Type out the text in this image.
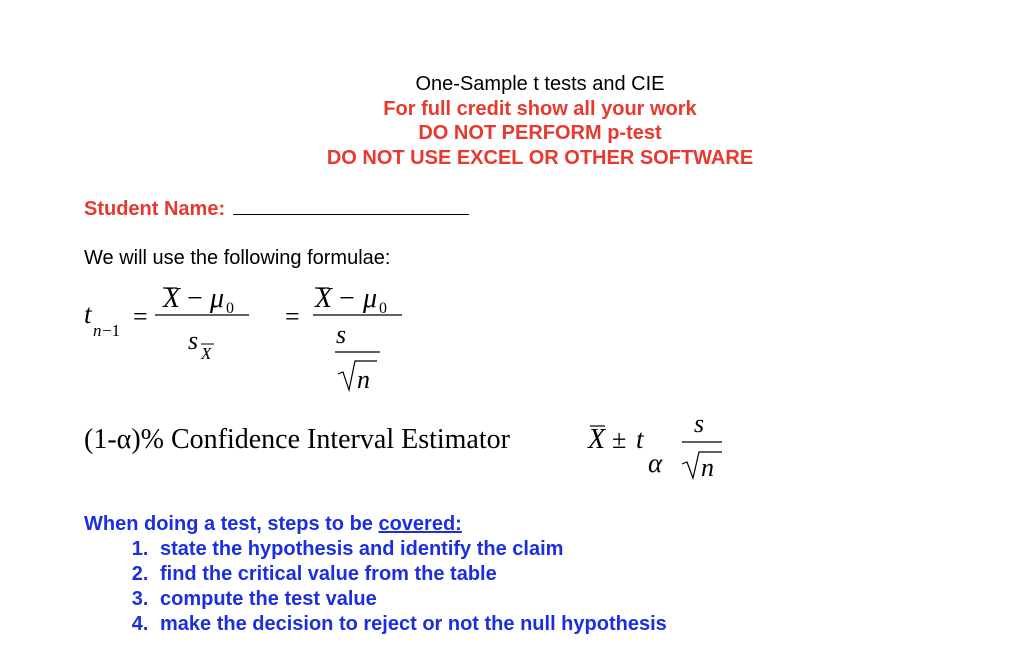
One-Sample t tests and CIE
For full credit show all your work
DO NOT PERFORM p-test
DO NOT USE EXCEL OR OTHER SOFTWARE
Student Name:
We will use the following formulae:
t
n −1 =
X − μ 0
s X
=
X − μ 0
s
n
(1-α)% Confidence Interval Estimator	X ± t
α
s
n
When doing a test, steps to be covered:
1. state the hypothesis and identify the claim
2. find the critical value from the table
3. compute the test value
4. make the decision to reject or not the null hypothesis
